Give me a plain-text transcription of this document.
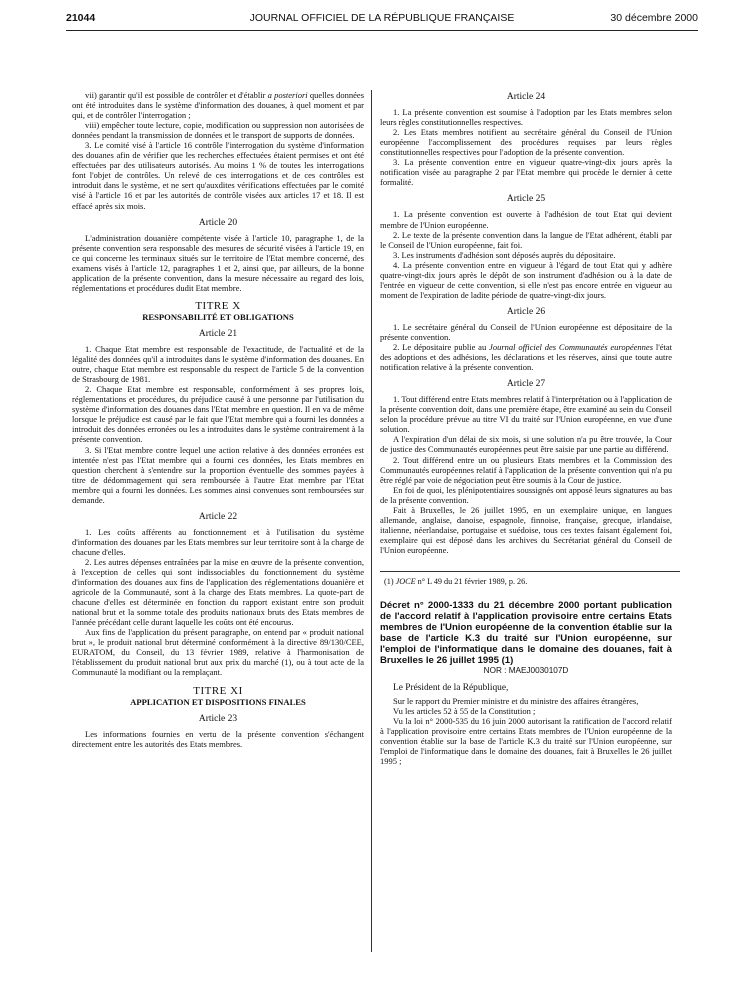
21044	JOURNAL OFFICIEL DE LA RÉPUBLIQUE FRANÇAISE	30 décembre 2000

vii) garantir qu'il est possible de contrôler et d'établir a posteriori quelles données ont été introduites dans le système d'information des douanes, à quel moment et par qui, et de contrôler l'interrogation ;

viii) empêcher toute lecture, copie, modification ou suppression non autorisées de données pendant la transmission de données et le transport de supports de données.

3. Le comité visé à l'article 16 contrôle l'interrogation du système d'information des douanes afin de vérifier que les recherches effectuées étaient permises et ont été effectuées par des utilisateurs autorisés. Au moins 1 % de toutes les interrogations font l'objet de contrôles. Un relevé de ces interrogations et de ces contrôles est introduit dans le système, et ne sert qu'auxdites vérifications effectuées par le comité visé à l'article 16 et par les autorités de contrôle visées aux articles 17 et 18. Il est effacé après six mois.

Article 20

L'administration douanière compétente visée à l'article 10, paragraphe 1, de la présente convention sera responsable des mesures de sécurité visées à l'article 19, en ce qui concerne les terminaux situés sur le territoire de l'Etat membre concerné, des examens visés à l'article 12, paragraphes 1 et 2, ainsi que, par ailleurs, de la bonne application de la présente convention, dans la mesure nécessaire au regard des lois, réglementations et procédures dudit Etat membre.

TITRE X
RESPONSABILITÉ ET OBLIGATIONS
Article 21

1. Chaque Etat membre est responsable de l'exactitude, de l'actualité et de la légalité des données qu'il a introduites dans le système d'information des douanes. En outre, chaque Etat membre est responsable du respect de l'article 5 de la convention de Strasbourg de 1981.

2. Chaque Etat membre est responsable, conformément à ses propres lois, réglementations et procédures, du préjudice causé à une personne par l'utilisation du système d'information des douanes dans l'Etat membre en question. Il en va de même lorsque le préjudice est causé par le fait que l'Etat membre qui a fourni les données a introduit des données erronées ou les a introduites dans le système contrairement à la présente convention.

3. Si l'Etat membre contre lequel une action relative à des données erronées est intentée n'est pas l'Etat membre qui a fourni ces données, les Etats membres en question cherchent à s'entendre sur la proportion éventuelle des sommes payées à titre de dédommagement qui sera remboursée à l'autre Etat membre par l'Etat membre qui a fourni les données. Les sommes ainsi convenues sont remboursées sur demande.

Article 22

1. Les coûts afférents au fonctionnement et à l'utilisation du système d'information des douanes par les Etats membres sur leur territoire sont à la charge de chacune d'elles.

2. Les autres dépenses entraînées par la mise en œuvre de la présente convention, à l'exception de celles qui sont indissociables du fonctionnement du système d'information des douanes aux fins de l'application des réglementations douanière et agricole de la Communauté, sont à la charge des Etats membres. La quote-part de chacune d'elles est déterminée en fonction du rapport existant entre son produit national brut et la somme totale des produits nationaux bruts des Etats membres de l'année précédant celle durant laquelle les coûts ont été encourus.

Aux fins de l'application du présent paragraphe, on entend par « produit national brut », le produit national brut déterminé conformément à la directive 89/130/CEE, EURATOM, du Conseil, du 13 février 1989, relative à l'harmonisation de l'établissement du produit national brut aux prix du marché (1), ou à tout acte de la Communauté la modifiant ou la remplaçant.

TITRE XI
APPLICATION ET DISPOSITIONS FINALES
Article 23

Les informations fournies en vertu de la présente convention s'échangent directement entre les autorités des Etats membres.

Article 24

1. La présente convention est soumise à l'adoption par les Etats membres selon leurs règles constitutionnelles respectives.

2. Les Etats membres notifient au secrétaire général du Conseil de l'Union européenne l'accomplissement des procédures requises par leurs règles constitutionnelles respectives pour l'adoption de la présente convention.

3. La présente convention entre en vigueur quatre-vingt-dix jours après la notification visée au paragraphe 2 par l'Etat membre qui procède le dernier à cette formalité.

Article 25

1. La présente convention est ouverte à l'adhésion de tout Etat qui devient membre de l'Union européenne.

2. Le texte de la présente convention dans la langue de l'Etat adhérent, établi par le Conseil de l'Union européenne, fait foi.

3. Les instruments d'adhésion sont déposés auprès du dépositaire.

4. La présente convention entre en vigueur à l'égard de tout Etat qui y adhère quatre-vingt-dix jours après le dépôt de son instrument d'adhésion ou à la date de l'entrée en vigueur de cette convention, si elle n'est pas encore entrée en vigueur au moment de l'expiration de ladite période de quatre-vingt-dix jours.

Article 26

1. Le secrétaire général du Conseil de l'Union européenne est dépositaire de la présente convention.

2. Le dépositaire publie au Journal officiel des Communautés européennes l'état des adoptions et des adhésions, les déclarations et les réserves, ainsi que toute autre notification relative à la présente convention.

Article 27

1. Tout différend entre Etats membres relatif à l'interprétation ou à l'application de la présente convention doit, dans une première étape, être examiné au sein du Conseil selon la procédure prévue au titre VI du traité sur l'Union européenne, en vue d'une solution.

A l'expiration d'un délai de six mois, si une solution n'a pu être trouvée, la Cour de justice des Communautés européennes peut être saisie par une partie au différend.

2. Tout différend entre un ou plusieurs Etats membres et la Commission des Communautés européennes relatif à l'application de la présente convention qui n'a pu être réglé par voie de négociation peut être soumis à la Cour de justice.

En foi de quoi, les plénipotentiaires soussignés ont apposé leurs signatures au bas de la présente convention.

Fait à Bruxelles, le 26 juillet 1995, en un exemplaire unique, en langues allemande, anglaise, danoise, espagnole, finnoise, française, grecque, irlandaise, italienne, néerlandaise, portugaise et suédoise, tous ces textes faisant également foi, exemplaire qui est déposé dans les archives du Secrétariat général du Conseil de l'Union européenne.

(1) JOCE n° L 49 du 21 février 1989, p. 26.

Décret n° 2000-1333 du 21 décembre 2000 portant publication de l'accord relatif à l'application provisoire entre certains Etats membres de l'Union européenne de la convention établie sur la base de l'article K.3 du traité sur l'Union européenne, sur l'emploi de l'informatique dans le domaine des douanes, fait à Bruxelles le 26 juillet 1995 (1)

NOR : MAEJ0030107D

Le Président de la République,

Sur le rapport du Premier ministre et du ministre des affaires étrangères,

Vu les articles 52 à 55 de la Constitution ;

Vu la loi n° 2000-535 du 16 juin 2000 autorisant la ratification de l'accord relatif à l'application provisoire entre certains Etats membres de l'Union européenne de la convention établie sur la base de l'article K.3 du traité sur l'Union européenne, sur l'emploi de l'informatique dans le domaine des douanes, fait à Bruxelles le 26 juillet 1995 ;
